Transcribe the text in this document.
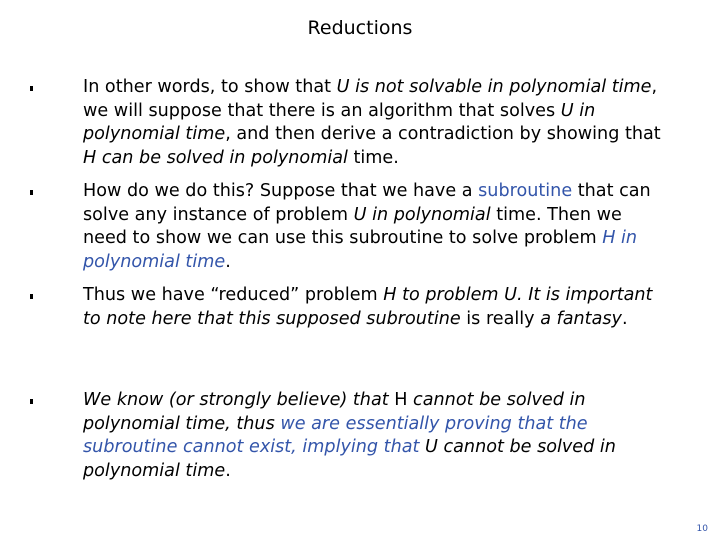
Reductions
In other words, to show that U is not solvable in polynomial time, we will suppose that there is an algorithm that solves U in polynomial time, and then derive a contradiction by showing that H can be solved in polynomial time.
How do we do this? Suppose that we have a subroutine that can solve any instance of problem U in polynomial time. Then we need to show we can use this subroutine to solve problem H in polynomial time.
Thus we have “reduced” problem H to problem U. It is important to note here that this supposed subroutine is really a fantasy.
We know (or strongly believe) that H cannot be solved in polynomial time, thus we are essentially proving that the subroutine cannot exist, implying that U cannot be solved in polynomial time.
10
